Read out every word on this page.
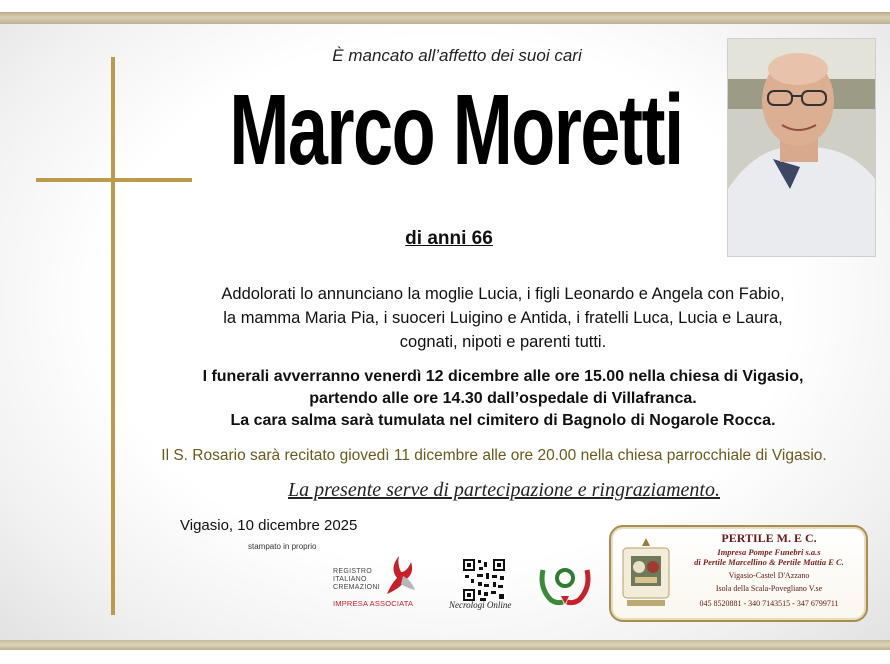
È mancato all’affetto dei suoi cari
Marco Moretti
di anni 66
Addolorati lo annunciano la moglie Lucia, i figli Leonardo e Angela con Fabio,
la mamma Maria Pia, i suoceri Luigino e Antida, i fratelli Luca, Lucia e Laura,
cognati, nipoti e parenti tutti.
I funerali avverranno venerdì 12 dicembre alle ore 15.00 nella chiesa di Vigasio,
partendo alle ore 14.30 dall’ospedale di Villafranca.
La cara salma sarà tumulata nel cimitero di Bagnolo di Nogarole Rocca.
Il S. Rosario sarà recitato giovedì 11 dicembre alle ore 20.00 nella chiesa parrocchiale di Vigasio.
La presente serve di partecipazione e ringraziamento.
Vigasio, 10 dicembre 2025
stampato in proprio
REGISTRO
ITALIANO
CREMAZIONI
IMPRESA ASSOCIATA	Necrologi Online
PERTILE M. E C.
Impresa Pompe Funebri s.a.s
di Pertile Marcellino & Pertile Mattia E C.
Vigasio-Castel D'Azzano
Isola della Scala-Povegliano V.se
045 8520881 - 340 7143515 - 347 6799711
